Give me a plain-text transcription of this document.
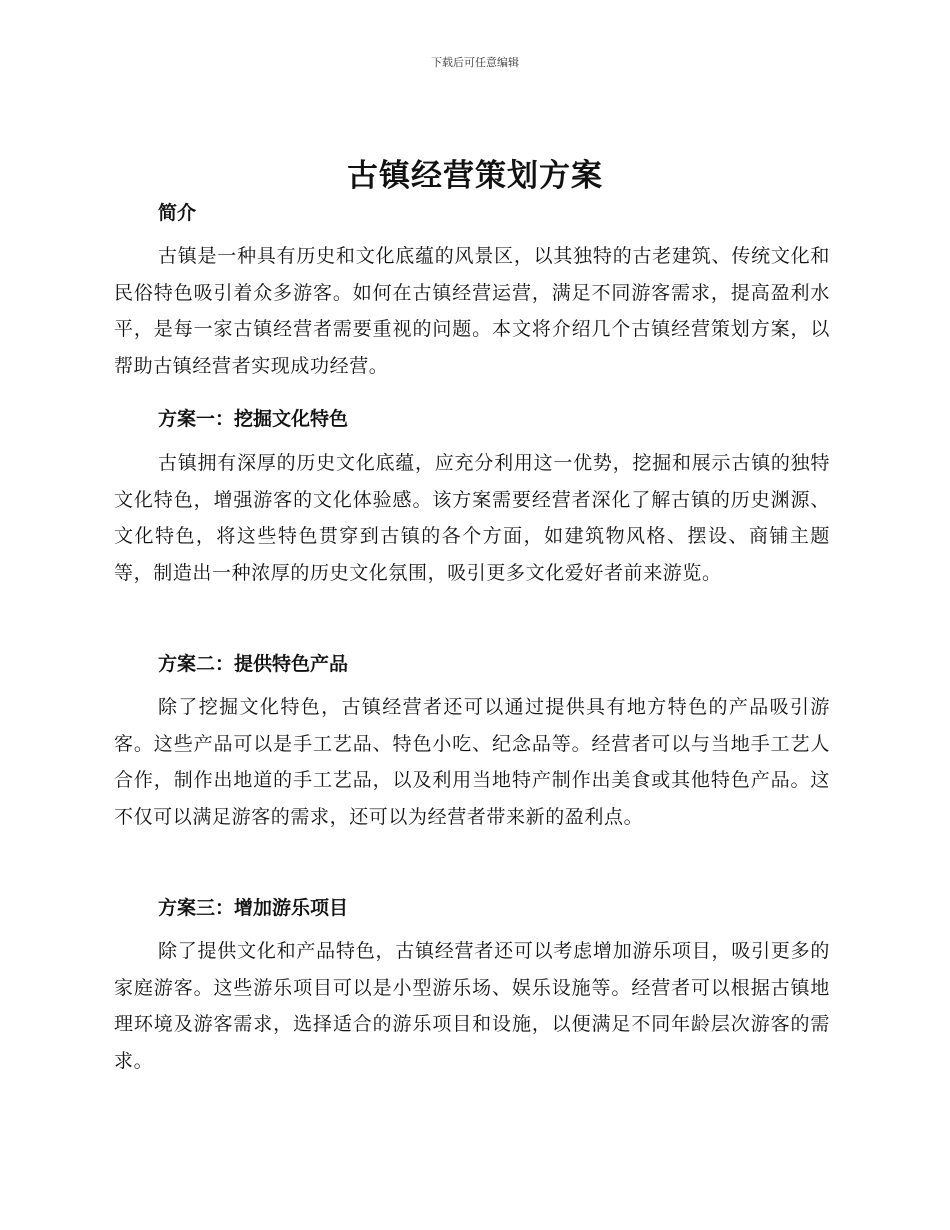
下载后可任意编辑
古镇经营策划方案
简介

古镇是一种具有历史和文化底蕴的风景区，以其独特的古老建筑、传统文化和民俗特色吸引着众多游客。如何在古镇经营运营，满足不同游客需求，提高盈利水平，是每一家古镇经营者需要重视的问题。本文将介绍几个古镇经营策划方案，以帮助古镇经营者实现成功经营。

方案一：挖掘文化特色

古镇拥有深厚的历史文化底蕴，应充分利用这一优势，挖掘和展示古镇的独特文化特色，增强游客的文化体验感。该方案需要经营者深化了解古镇的历史渊源、文化特色，将这些特色贯穿到古镇的各个方面，如建筑物风格、摆设、商铺主题等，制造出一种浓厚的历史文化氛围，吸引更多文化爱好者前来游览。

方案二：提供特色产品

除了挖掘文化特色，古镇经营者还可以通过提供具有地方特色的产品吸引游客。这些产品可以是手工艺品、特色小吃、纪念品等。经营者可以与当地手工艺人合作，制作出地道的手工艺品，以及利用当地特产制作出美食或其他特色产品。这不仅可以满足游客的需求，还可以为经营者带来新的盈利点。

方案三：增加游乐项目

除了提供文化和产品特色，古镇经营者还可以考虑增加游乐项目，吸引更多的家庭游客。这些游乐项目可以是小型游乐场、娱乐设施等。经营者可以根据古镇地理环境及游客需求，选择适合的游乐项目和设施，以便满足不同年龄层次游客的需求。
